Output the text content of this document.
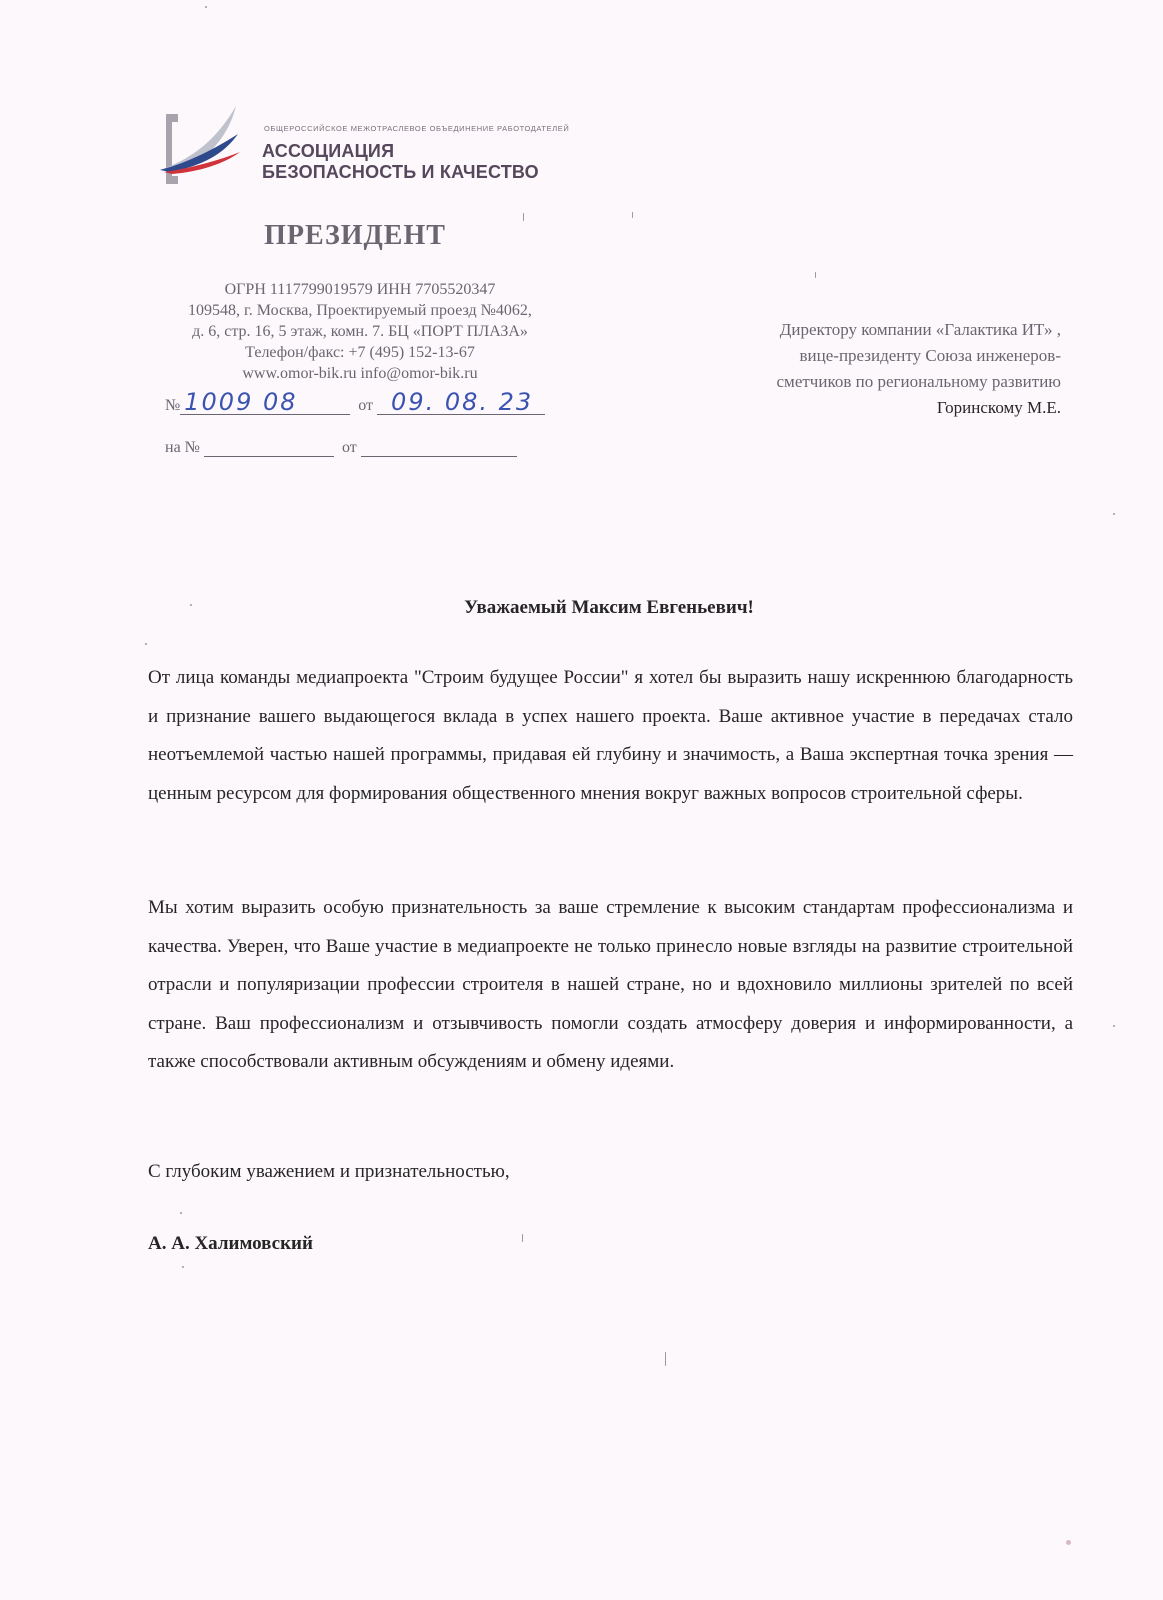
ОБЩЕРОССИЙСКОЕ МЕЖОТРАСЛЕВОЕ ОБЪЕДИНЕНИЕ РАБОТОДАТЕЛЕЙ
АССОЦИАЦИЯ
БЕЗОПАСНОСТЬ И КАЧЕСТВО
ПРЕЗИДЕНТ
ОГРН 1117799019579 ИНН 7705520347
109548, г. Москва, Проектируемый проезд №4062,
д. 6, стр. 16, 5 этаж, комн. 7. БЦ «ПОРТ ПЛАЗА»
Телефон/факс: +7 (495) 152-13-67
www.omor-bik.ru info@omor-bik.ru
№ 1009 08	от 09. 08. 23
на №	от
Директору компании «Галактика ИТ» ,
вице-президенту Союза инженеров-
сметчиков по региональному развитию
Горинскому М.Е.
Уважаемый Максим Евгеньевич!
От лица команды медиапроекта "Строим будущее России" я хотел бы выразить нашу искреннюю благодарность и признание вашего выдающегося вклада в успех нашего проекта. Ваше активное участие в передачах стало неотъемлемой частью нашей программы, придавая ей глубину и значимость, а Ваша экспертная точка зрения — ценным ресурсом для формирования общественного мнения вокруг важных вопросов строительной сферы.
Мы хотим выразить особую признательность за ваше стремление к высоким стандартам профессионализма и качества. Уверен, что Ваше участие в медиапроекте не только принесло новые взгляды на развитие строительной отрасли и популяризации профессии строителя в нашей стране, но и вдохновило миллионы зрителей по всей стране. Ваш профессионализм и отзывчивость помогли создать атмосферу доверия и информированности, а также способствовали активным обсуждениям и обмену идеями.
С глубоким уважением и признательностью,
А. А. Халимовский
